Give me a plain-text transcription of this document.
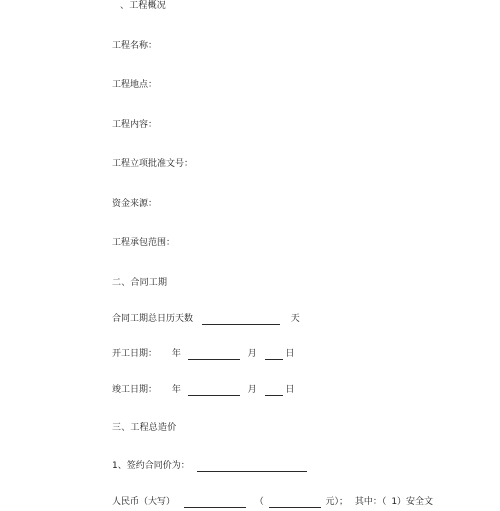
、工程概况
工程名称：
工程地点：
工程内容：
工程立项批准文号：
资金来源：
工程承包范围：
二、合同工期
合同工期总日历天数	天
开工日期： 年	月	日
竣工日期： 年	月	日
三、工程总造价
1、签约合同价为：
人民币（大写）	（	元）； 其中：（ 1）安全文
